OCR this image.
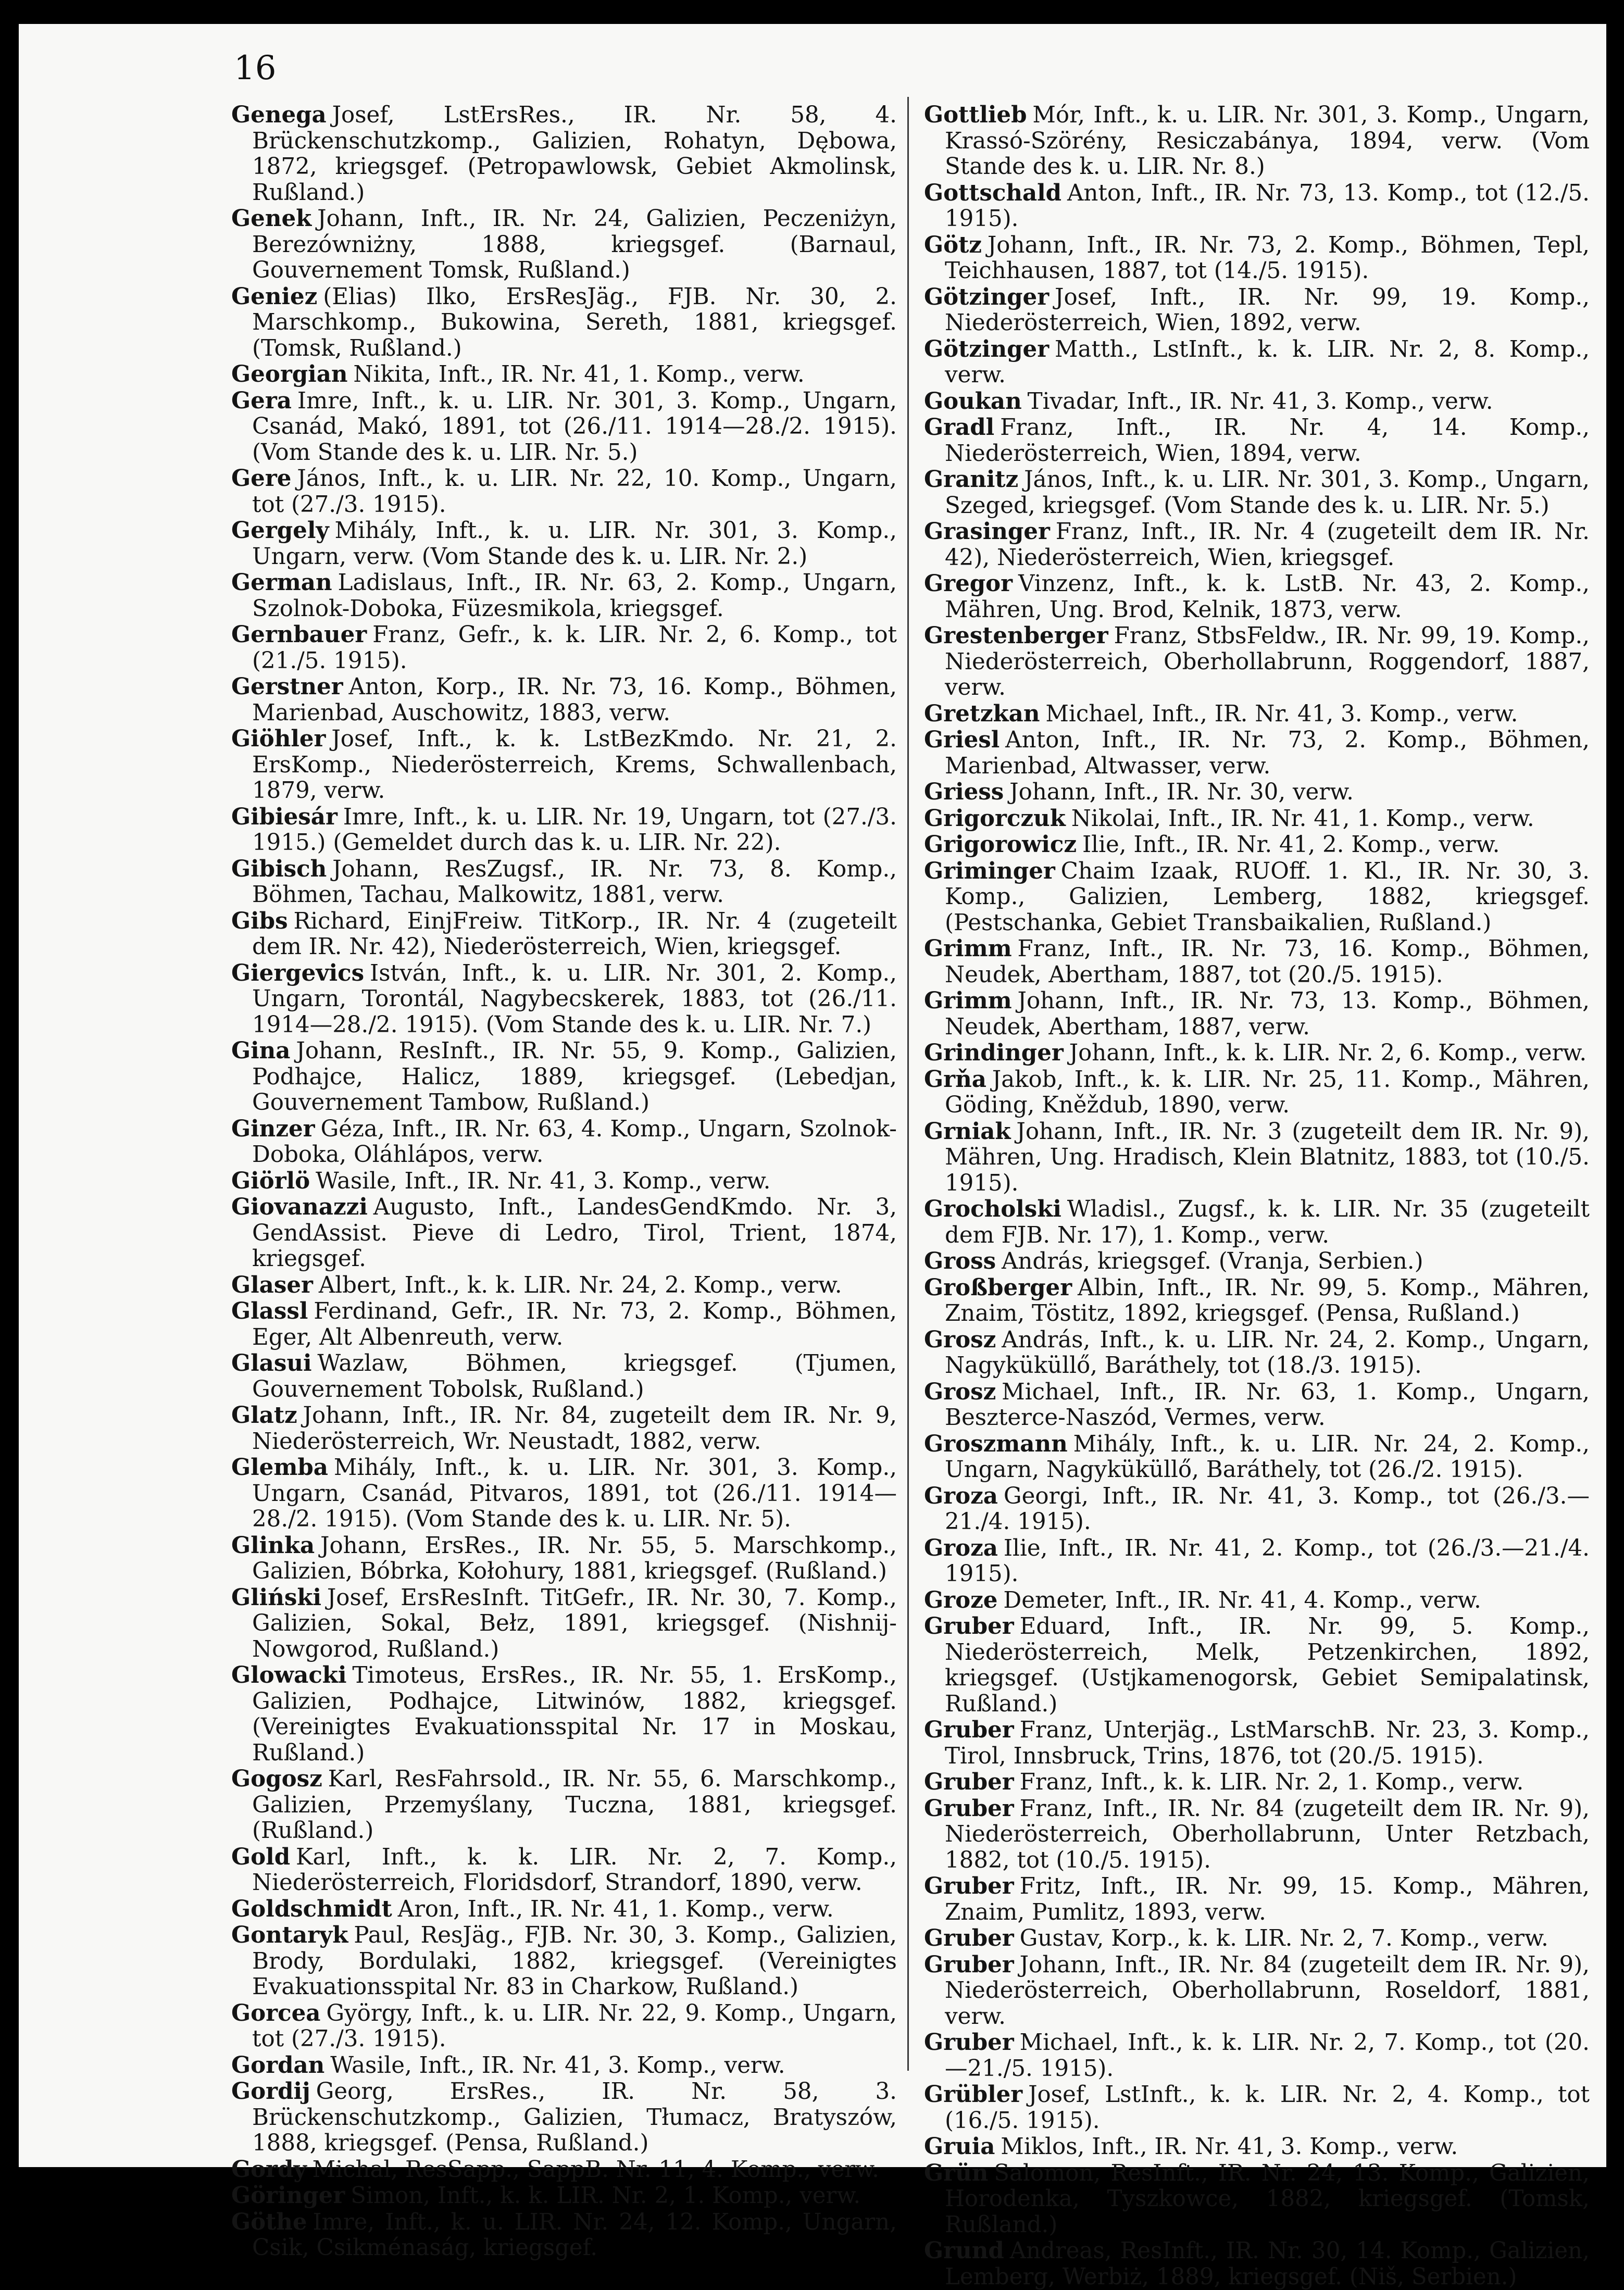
16

Genega Josef, LstErsRes., IR. Nr. 58, 4. Brückenschutzkomp., Galizien, Rohatyn, Dębowa, 1872, kriegsgef. (Petropawlowsk, Gebiet Akmolinsk, Rußland.)

Genek Johann, Inft., IR. Nr. 24, Galizien, Peczeniżyn, Berezówniżny, 1888, kriegsgef. (Barnaul, Gouvernement Tomsk, Rußland.)

Geniez (Elias) Ilko, ErsResJäg., FJB. Nr. 30, 2. Marschkomp., Bukowina, Sereth, 1881, kriegsgef. (Tomsk, Rußland.)

Georgian Nikita, Inft., IR. Nr. 41, 1. Komp., verw.

Gera Imre, Inft., k. u. LIR. Nr. 301, 3. Komp., Ungarn, Csanád, Makó, 1891, tot (26./11. 1914—28./2. 1915). (Vom Stande des k. u. LIR. Nr. 5.)

Gere János, Inft., k. u. LIR. Nr. 22, 10. Komp., Ungarn, tot (27./3. 1915).

Gergely Mihály, Inft., k. u. LIR. Nr. 301, 3. Komp., Ungarn, verw. (Vom Stande des k. u. LIR. Nr. 2.)

German Ladislaus, Inft., IR. Nr. 63, 2. Komp., Ungarn, Szolnok-Doboka, Füzesmikola, kriegsgef.

Gernbauer Franz, Gefr., k. k. LIR. Nr. 2, 6. Komp., tot (21./5. 1915).

Gerstner Anton, Korp., IR. Nr. 73, 16. Komp., Böhmen, Marienbad, Auschowitz, 1883, verw.

Giöhler Josef, Inft., k. k. LstBezKmdo. Nr. 21, 2. ErsKomp., Niederösterreich, Krems, Schwallenbach, 1879, verw.

Gibiesár Imre, Inft., k. u. LIR. Nr. 19, Ungarn, tot (27./3. 1915.) (Gemeldet durch das k. u. LIR. Nr. 22).

Gibisch Johann, ResZugsf., IR. Nr. 73, 8. Komp., Böhmen, Tachau, Malkowitz, 1881, verw.

Gibs Richard, EinjFreiw. TitKorp., IR. Nr. 4 (zugeteilt dem IR. Nr. 42), Niederösterreich, Wien, kriegsgef.

Giergevics István, Inft., k. u. LIR. Nr. 301, 2. Komp., Ungarn, Torontál, Nagybecskerek, 1883, tot (26./11. 1914—28./2. 1915). (Vom Stande des k. u. LIR. Nr. 7.)

Gina Johann, ResInft., IR. Nr. 55, 9. Komp., Galizien, Podhajce, Halicz, 1889, kriegsgef. (Lebedjan, Gouvernement Tambow, Rußland.)

Ginzer Géza, Inft., IR. Nr. 63, 4. Komp., Ungarn, Szolnok-Doboka, Oláhlápos, verw.

Giörlö Wasile, Inft., IR. Nr. 41, 3. Komp., verw.

Giovanazzi Augusto, Inft., LandesGendKmdo. Nr. 3, GendAssist. Pieve di Ledro, Tirol, Trient, 1874, kriegsgef.

Glaser Albert, Inft., k. k. LIR. Nr. 24, 2. Komp., verw.

Glassl Ferdinand, Gefr., IR. Nr. 73, 2. Komp., Böhmen, Eger, Alt Albenreuth, verw.

Glasui Wazlaw, Böhmen, kriegsgef. (Tjumen, Gouvernement Tobolsk, Rußland.)

Glatz Johann, Inft., IR. Nr. 84, zugeteilt dem IR. Nr. 9, Niederösterreich, Wr. Neustadt, 1882, verw.

Glemba Mihály, Inft., k. u. LIR. Nr. 301, 3. Komp., Ungarn, Csanád, Pitvaros, 1891, tot (26./11. 1914—28./2. 1915). (Vom Stande des k. u. LIR. Nr. 5).

Glinka Johann, ErsRes., IR. Nr. 55, 5. Marschkomp., Galizien, Bóbrka, Kołohury, 1881, kriegsgef. (Rußland.)

Gliński Josef, ErsResInft. TitGefr., IR. Nr. 30, 7. Komp., Galizien, Sokal, Bełz, 1891, kriegsgef. (Nishnij-Nowgorod, Rußland.)

Glowacki Timoteus, ErsRes., IR. Nr. 55, 1. ErsKomp., Galizien, Podhajce, Litwinów, 1882, kriegsgef. (Vereinigtes Evakuationsspital Nr. 17 in Moskau, Rußland.)

Gogosz Karl, ResFahrsold., IR. Nr. 55, 6. Marschkomp., Galizien, Przemyślany, Tuczna, 1881, kriegsgef. (Rußland.)

Gold Karl, Inft., k. k. LIR. Nr. 2, 7. Komp., Niederösterreich, Floridsdorf, Strandorf, 1890, verw.

Goldschmidt Aron, Inft., IR. Nr. 41, 1. Komp., verw.

Gontaryk Paul, ResJäg., FJB. Nr. 30, 3. Komp., Galizien, Brody, Bordulaki, 1882, kriegsgef. (Vereinigtes Evakuationsspital Nr. 83 in Charkow, Rußland.)

Gorcea György, Inft., k. u. LIR. Nr. 22, 9. Komp., Ungarn, tot (27./3. 1915).

Gordan Wasile, Inft., IR. Nr. 41, 3. Komp., verw.

Gordij Georg, ErsRes., IR. Nr. 58, 3. Brückenschutzkomp., Galizien, Tłumacz, Bratyszów, 1888, kriegsgef. (Pensa, Rußland.)

Gordy Michal, ResSapp., SappB. Nr. 11, 4. Komp., verw.

Göringer Simon, Inft., k. k. LIR. Nr. 2, 1. Komp., verw.

Göthe Imre, Inft., k. u. LIR. Nr. 24, 12. Komp., Ungarn, Csik, Csikménaság, kriegsgef.

Gottlieb Mór, Inft., k. u. LIR. Nr. 301, 3. Komp., Ungarn, Krassó-Szörény, Resiczabánya, 1894, verw. (Vom Stande des k. u. LIR. Nr. 8.)

Gottschald Anton, Inft., IR. Nr. 73, 13. Komp., tot (12./5. 1915).

Götz Johann, Inft., IR. Nr. 73, 2. Komp., Böhmen, Tepl, Teichhausen, 1887, tot (14./5. 1915).

Götzinger Josef, Inft., IR. Nr. 99, 19. Komp., Niederösterreich, Wien, 1892, verw.

Götzinger Matth., LstInft., k. k. LIR. Nr. 2, 8. Komp., verw.

Goukan Tivadar, Inft., IR. Nr. 41, 3. Komp., verw.

Gradl Franz, Inft., IR. Nr. 4, 14. Komp., Niederösterreich, Wien, 1894, verw.

Granitz János, Inft., k. u. LIR. Nr. 301, 3. Komp., Ungarn, Szeged, kriegsgef. (Vom Stande des k. u. LIR. Nr. 5.)

Grasinger Franz, Inft., IR. Nr. 4 (zugeteilt dem IR. Nr. 42), Niederösterreich, Wien, kriegsgef.

Gregor Vinzenz, Inft., k. k. LstB. Nr. 43, 2. Komp., Mähren, Ung. Brod, Kelnik, 1873, verw.

Grestenberger Franz, StbsFeldw., IR. Nr. 99, 19. Komp., Niederösterreich, Oberhollabrunn, Roggendorf, 1887, verw.

Gretzkan Michael, Inft., IR. Nr. 41, 3. Komp., verw.

Griesl Anton, Inft., IR. Nr. 73, 2. Komp., Böhmen, Marienbad, Altwasser, verw.

Griess Johann, Inft., IR. Nr. 30, verw.

Grigorczuk Nikolai, Inft., IR. Nr. 41, 1. Komp., verw.

Grigorowicz Ilie, Inft., IR. Nr. 41, 2. Komp., verw.

Griminger Chaim Izaak, RUOff. 1. Kl., IR. Nr. 30, 3. Komp., Galizien, Lemberg, 1882, kriegsgef. (Pestschanka, Gebiet Transbaikalien, Rußland.)

Grimm Franz, Inft., IR. Nr. 73, 16. Komp., Böhmen, Neudek, Abertham, 1887, tot (20./5. 1915).

Grimm Johann, Inft., IR. Nr. 73, 13. Komp., Böhmen, Neudek, Abertham, 1887, verw.

Grindinger Johann, Inft., k. k. LIR. Nr. 2, 6. Komp., verw.

Grňa Jakob, Inft., k. k. LIR. Nr. 25, 11. Komp., Mähren, Göding, Kněždub, 1890, verw.

Grniak Johann, Inft., IR. Nr. 3 (zugeteilt dem IR. Nr. 9), Mähren, Ung. Hradisch, Klein Blatnitz, 1883, tot (10./5. 1915).

Grocholski Wladisl., Zugsf., k. k. LIR. Nr. 35 (zugeteilt dem FJB. Nr. 17), 1. Komp., verw.

Gross András, kriegsgef. (Vranja, Serbien.)

Großberger Albin, Inft., IR. Nr. 99, 5. Komp., Mähren, Znaim, Töstitz, 1892, kriegsgef. (Pensa, Rußland.)

Grosz András, Inft., k. u. LIR. Nr. 24, 2. Komp., Ungarn, Nagyküküllő, Baráthely, tot (18./3. 1915).

Grosz Michael, Inft., IR. Nr. 63, 1. Komp., Ungarn, Beszterce-Naszód, Vermes, verw.

Groszmann Mihály, Inft., k. u. LIR. Nr. 24, 2. Komp., Ungarn, Nagyküküllő, Baráthely, tot (26./2. 1915).

Groza Georgi, Inft., IR. Nr. 41, 3. Komp., tot (26./3.—21./4. 1915).

Groza Ilie, Inft., IR. Nr. 41, 2. Komp., tot (26./3.—21./4. 1915).

Groze Demeter, Inft., IR. Nr. 41, 4. Komp., verw.

Gruber Eduard, Inft., IR. Nr. 99, 5. Komp., Niederösterreich, Melk, Petzenkirchen, 1892, kriegsgef. (Ustjkamenogorsk, Gebiet Semipalatinsk, Rußland.)

Gruber Franz, Unterjäg., LstMarschB. Nr. 23, 3. Komp., Tirol, Innsbruck, Trins, 1876, tot (20./5. 1915).

Gruber Franz, Inft., k. k. LIR. Nr. 2, 1. Komp., verw.

Gruber Franz, Inft., IR. Nr. 84 (zugeteilt dem IR. Nr. 9), Niederösterreich, Oberhollabrunn, Unter Retzbach, 1882, tot (10./5. 1915).

Gruber Fritz, Inft., IR. Nr. 99, 15. Komp., Mähren, Znaim, Pumlitz, 1893, verw.

Gruber Gustav, Korp., k. k. LIR. Nr. 2, 7. Komp., verw.

Gruber Johann, Inft., IR. Nr. 84 (zugeteilt dem IR. Nr. 9), Niederösterreich, Oberhollabrunn, Roseldorf, 1881, verw.

Gruber Michael, Inft., k. k. LIR. Nr. 2, 7. Komp., tot (20.—21./5. 1915).

Grübler Josef, LstInft., k. k. LIR. Nr. 2, 4. Komp., tot (16./5. 1915).

Gruia Miklos, Inft., IR. Nr. 41, 3. Komp., verw.

Grün Salomon, ResInft., IR. Nr. 24, 13. Komp., Galizien, Horodenka, Tyszkowce, 1882, kriegsgef. (Tomsk, Rußland.)

Grund Andreas, ResInft., IR. Nr. 30, 14. Komp., Galizien, Lemberg, Werbiż, 1889, kriegsgef. (Niš, Serbien.)
